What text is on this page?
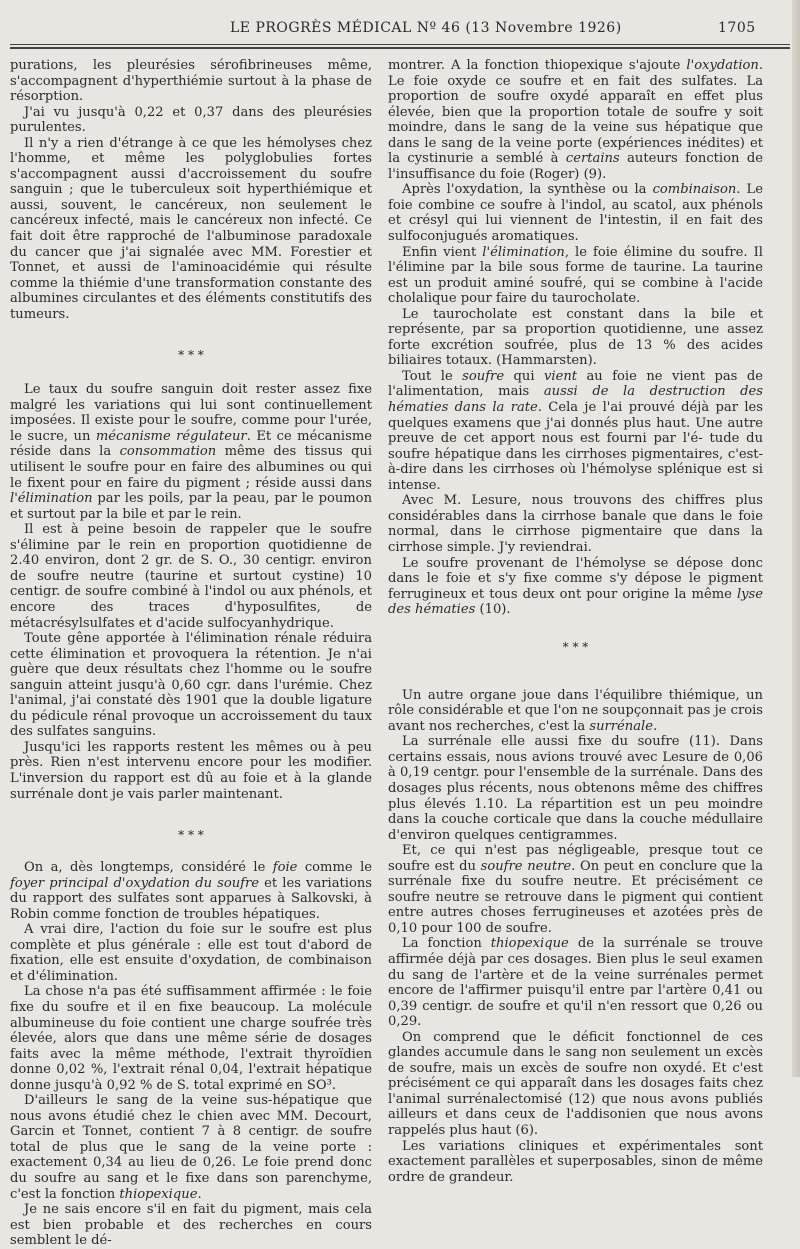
LE PROGRÈS MÉDICAL Nº 46 (13 Novembre 1926)	1705

purations, les pleurésies sérofibrineuses même, s'accompagnent d'hyperthiémie surtout à la phase de résorption.

J'ai vu jusqu'à 0,22 et 0,37 dans des pleurésies purulentes.

Il n'y a rien d'étrange à ce que les hémolyses chez l'homme, et même les polyglobulies fortes s'accompagnent aussi d'accroissement du soufre sanguin ; que le tuberculeux soit hyperthiémique et aussi, souvent, le cancéreux, non seulement le cancéreux infecté, mais le cancéreux non infecté. Ce fait doit être rapproché de l'albuminose paradoxale du cancer que j'ai signalée avec MM. Forestier et Tonnet, et aussi de l'aminoacidémie qui résulte comme la thiémie d'une transformation constante des albumines circulantes et des éléments constitutifs des tumeurs.

* * *

Le taux du soufre sanguin doit rester assez fixe malgré les variations qui lui sont continuellement imposées. Il existe pour le soufre, comme pour l'urée, le sucre, un mécanisme régulateur. Et ce mécanisme réside dans la consommation même des tissus qui utilisent le soufre pour en faire des albumines ou qui le fixent pour en faire du pigment ; réside aussi dans l'élimination par les poils, par la peau, par le poumon et surtout par la bile et par le rein.

Il est à peine besoin de rappeler que le soufre s'élimine par le rein en proportion quotidienne de 2.40 environ, dont 2 gr. de S. O., 30 centigr. environ de soufre neutre (taurine et surtout cystine) 10 centigr. de soufre combiné à l'indol ou aux phénols, et encore des traces d'hyposulfites, de métacrésylsulfates et d'acide sulfocyanhydrique.

Toute gêne apportée à l'élimination rénale réduira cette élimination et provoquera la rétention. Je n'ai guère que deux résultats chez l'homme ou le soufre sanguin atteint jusqu'à 0,60 cgr. dans l'urémie. Chez l'animal, j'ai constaté dès 1901 que la double ligature du pédicule rénal provoque un accroissement du taux des sulfates sanguins.

Jusqu'ici les rapports restent les mêmes ou à peu près. Rien n'est intervenu encore pour les modifier. L'inversion du rapport est dû au foie et à la glande surrénale dont je vais parler maintenant.

* * *

On a, dès longtemps, considéré le foie comme le foyer principal d'oxydation du soufre et les variations du rapport des sulfates sont apparues à Salkovski, à Robin comme fonction de troubles hépatiques.

A vrai dire, l'action du foie sur le soufre est plus complète et plus générale : elle est tout d'abord de fixation, elle est ensuite d'oxydation, de combinaison et d'élimination.

La chose n'a pas été suffisamment affirmée : le foie fixe du soufre et il en fixe beaucoup. La molécule albumineuse du foie contient une charge soufrée très élevée, alors que dans une même série de dosages faits avec la même méthode, l'extrait thyroïdien donne 0,02 %, l'extrait rénal 0,04, l'extrait hépatique donne jusqu'à 0,92 % de S. total exprimé en SO³.

D'ailleurs le sang de la veine sus-hépatique que nous avons étudié chez le chien avec MM. Decourt, Garcin et Tonnet, contient 7 à 8 centigr. de soufre total de plus que le sang de la veine porte : exactement 0,34 au lieu de 0,26. Le foie prend donc du soufre au sang et le fixe dans son parenchyme, c'est la fonction thiopexique.

Je ne sais encore s'il en fait du pigment, mais cela est bien probable et des recherches en cours semblent le dé-

montrer. A la fonction thiopexique s'ajoute l'oxydation. Le foie oxyde ce soufre et en fait des sulfates. La proportion de soufre oxydé apparaît en effet plus élevée, bien que la proportion totale de soufre y soit moindre, dans le sang de la veine sus hépatique que dans le sang de la veine porte (expériences inédites) et la cystinurie a semblé à certains auteurs fonction de l'insuffisance du foie (Roger) (9).

Après l'oxydation, la synthèse ou la combinaison. Le foie combine ce soufre à l'indol, au scatol, aux phénols et crésyl qui lui viennent de l'intestin, il en fait des sulfoconjugués aromatiques.

Enfin vient l'élimination, le foie élimine du soufre. Il l'élimine par la bile sous forme de taurine. La taurine est un produit aminé soufré, qui se combine à l'acide cholalique pour faire du taurocholate.

Le taurocholate est constant dans la bile et représente, par sa proportion quotidienne, une assez forte excrétion soufrée, plus de 13 % des acides biliaires totaux. (Hammarsten).

Tout le soufre qui vient au foie ne vient pas de l'alimentation, mais aussi de la destruction des hématies dans la rate. Cela je l'ai prouvé déjà par les quelques examens que j'ai donnés plus haut. Une autre preuve de cet apport nous est fourni par l'é- tude du soufre hépatique dans les cirrhoses pigmentaires, c'est-à-dire dans les cirrhoses où l'hémolyse splénique est si intense.

Avec M. Lesure, nous trouvons des chiffres plus considérables dans la cirrhose banale que dans le foie normal, dans le cirrhose pigmentaire que dans la cirrhose simple. J'y reviendrai.

Le soufre provenant de l'hémolyse se dépose donc dans le foie et s'y fixe comme s'y dépose le pigment ferrugineux et tous deux ont pour origine la même lyse des hématies (10).

* * *

Un autre organe joue dans l'équilibre thiémique, un rôle considérable et que l'on ne soupçonnait pas je crois avant nos recherches, c'est la surrénale.

La surrénale elle aussi fixe du soufre (11). Dans certains essais, nous avions trouvé avec Lesure de 0,06 à 0,19 centgr. pour l'ensemble de la surrénale. Dans des dosages plus récents, nous obtenons même des chiffres plus élevés 1.10. La répartition est un peu moindre dans la couche corticale que dans la couche médullaire d'environ quelques centigrammes.

Et, ce qui n'est pas négligeable, presque tout ce soufre est du soufre neutre. On peut en conclure que la surrénale fixe du soufre neutre. Et précisément ce soufre neutre se retrouve dans le pigment qui contient entre autres choses ferrugineuses et azotées près de 0,10 pour 100 de soufre.

La fonction thiopexique de la surrénale se trouve affirmée déjà par ces dosages. Bien plus le seul examen du sang de l'artère et de la veine surrénales permet encore de l'affirmer puisqu'il entre par l'artère 0,41 ou 0,39 centigr. de soufre et qu'il n'en ressort que 0,26 ou 0,29.

On comprend que le déficit fonctionnel de ces glandes accumule dans le sang non seulement un excès de soufre, mais un excès de soufre non oxydé. Et c'est précisément ce qui apparaît dans les dosages faits chez l'animal surrénalectomisé (12) que nous avons publiés ailleurs et dans ceux de l'addisonien que nous avons rappelés plus haut (6).

Les variations cliniques et expérimentales sont exactement parallèles et superposables, sinon de même ordre de grandeur.
